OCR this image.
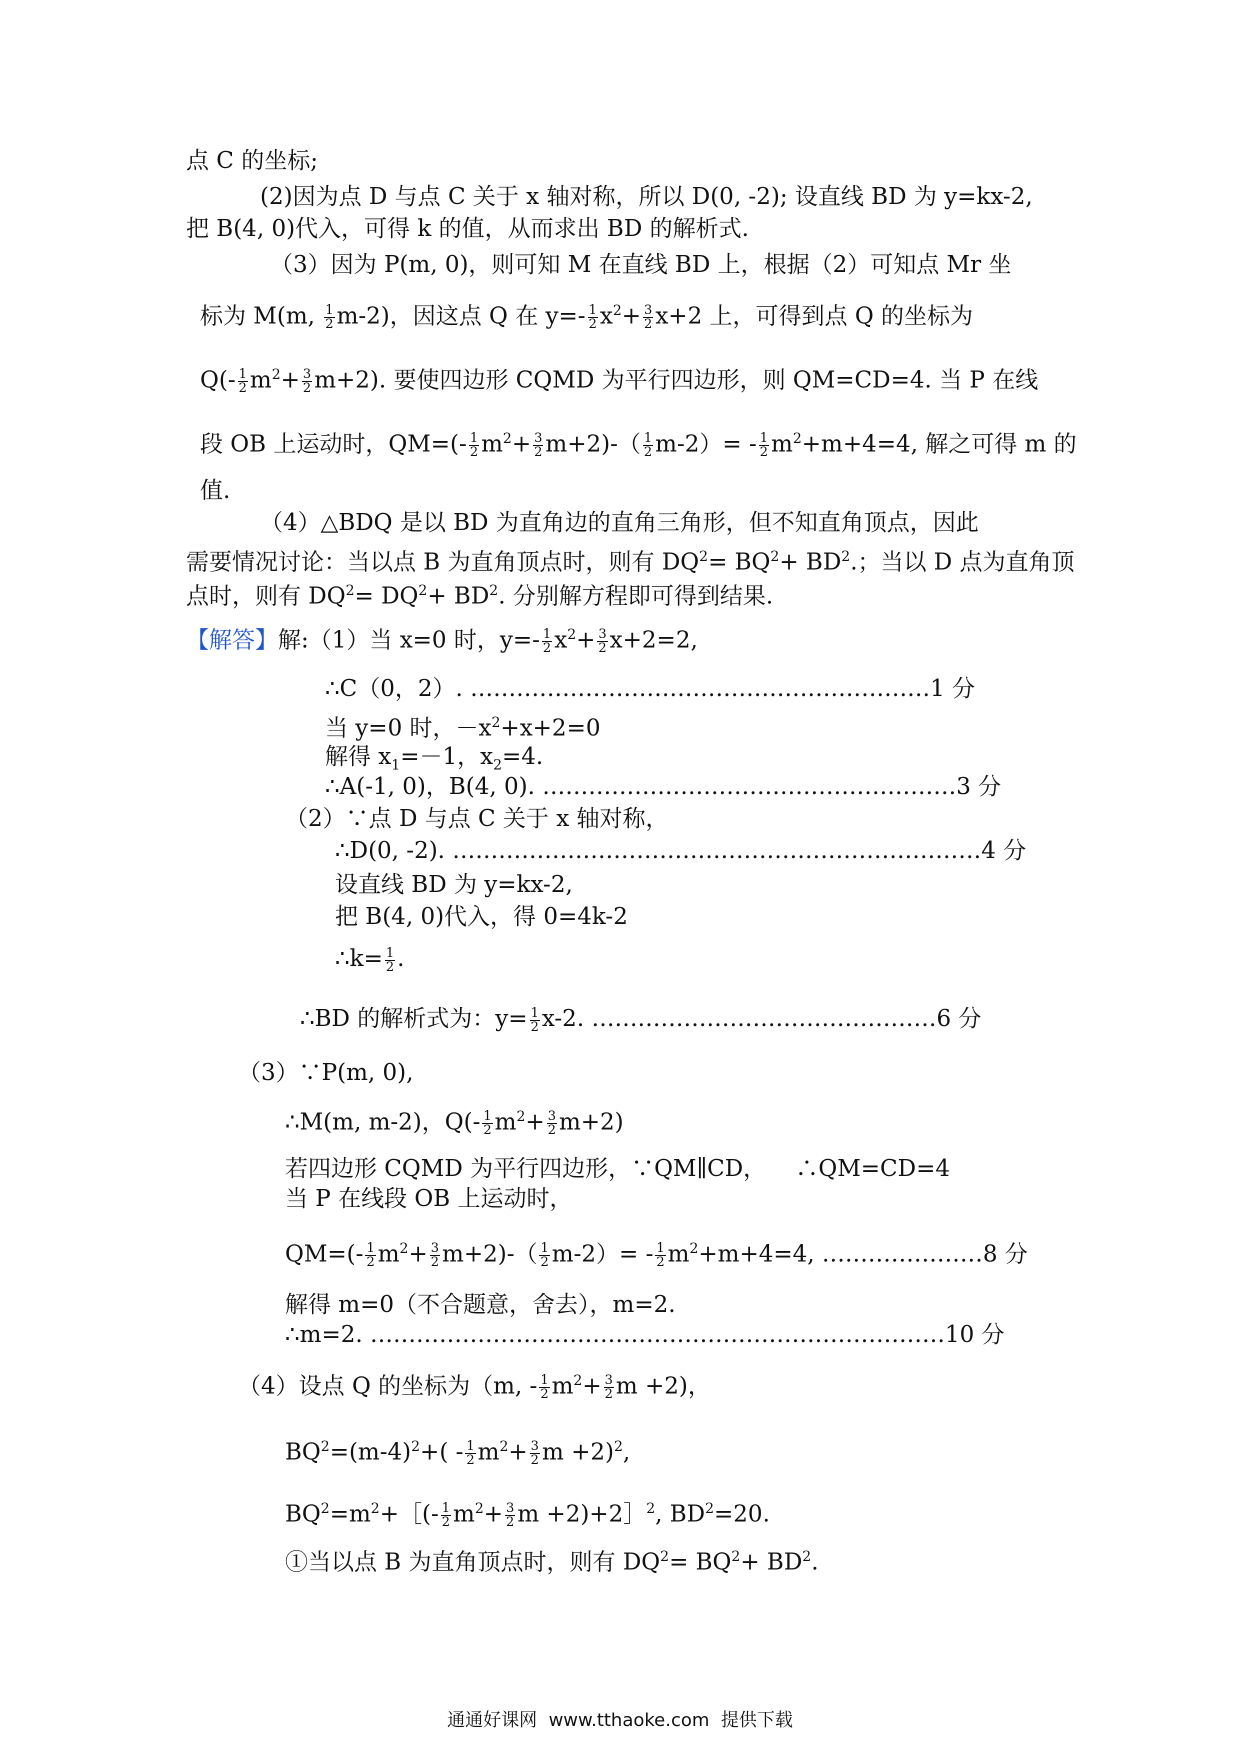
点 C 的坐标;
(2)因为点 D 与点 C 关于 x 轴对称，所以 D(0, -2); 设直线 BD 为 y=kx-2,
把 B(4, 0)代入，可得 k 的值，从而求出 BD 的解析式.
（3）因为 P(m, 0)，则可知 M 在直线 BD 上，根据（2）可知点 Mr 坐
标为 M(m, $\frac{1}{2} m-2$)，因这点 Q 在 $y=- \frac{1}{2} x^2+ \frac{3}{2} x+2$ 上，可得到点 Q 的坐标为
$Q(- \frac{1}{2} m^2+ \frac{3}{2} m+2)$. 要使四边形 CQMD 为平行四边形，则 QM=CD=4. 当 P 在线
段 OB 上运动时，$QM=(- \frac{1}{2} m^2+ \frac{3}{2} m+2)-( \frac{1}{2} m-2)= - \frac{1}{2} m^2+m+4=4$, 解之可得 m 的
值.
（4）△BDQ 是以 BD 为直角边的直角三角形，但不知直角顶点，因此
需要情况讨论：当以点 B 为直角顶点时，则有 $DQ^2= BQ^2+ BD^2$.；当以 D 点为直角顶
点时，则有 $DQ^2= DQ^2+ BD^2$. 分别解方程即可得到结果.
【解答】解:（1）当 x=0 时，$y=- \frac{1}{2} x^2+ \frac{3}{2} x+2=2$,
∴C（0，2）. ……………………………………………………1 分
当 y=0 时，$-x^2+x+2=0$
解得 $x_1=-1$，$x_2=4$.
∴A(-1, 0)，B(4, 0). ………………………………………………3 分
（2）∵点 D 与点 C 关于 x 轴对称，
∴D(0, -2). ……………………………………………………………4 分
设直线 BD 为 y=kx-2,
把 B(4, 0)代入，得 0=4k-2
∴k= $\frac{1}{2}$ .
∴BD 的解析式为：$y= \frac{1}{2} x-2$. ………………………………………6 分
（3）∵P(m, 0),
∴M(m, m-2)，$Q(- \frac{1}{2} m^2+ \frac{3}{2} m+2)$
若四边形 CQMD 为平行四边形，∵QM∥CD，    ∴QM=CD=4
当 P 在线段 OB 上运动时，
$QM=(- \frac{1}{2} m^2+ \frac{3}{2} m+2)-( \frac{1}{2} m-2)= - \frac{1}{2} m^2+m+4=4$, …………………8 分
解得 m=0（不合题意，舍去），m=2.
∴m=2. …………………………………………………………………10 分
（4）设点 Q 的坐标为（m, - $\frac{1}{2} m^2+ \frac{3}{2}$ m +2)，
$BQ^2=(m-4)^2+( - \frac{1}{2} m^2+ \frac{3}{2}$ $m +2)^2$,
$BQ^2=m^2+[(- \frac{1}{2} m^2+ \frac{3}{2}$ m +2)+2］$^2$, $BD^2=20$.
①当以点 B 为直角顶点时，则有 $DQ^2= BQ^2+ BD^2$.
通通好课网  www.tthaoke.com  提供下载
